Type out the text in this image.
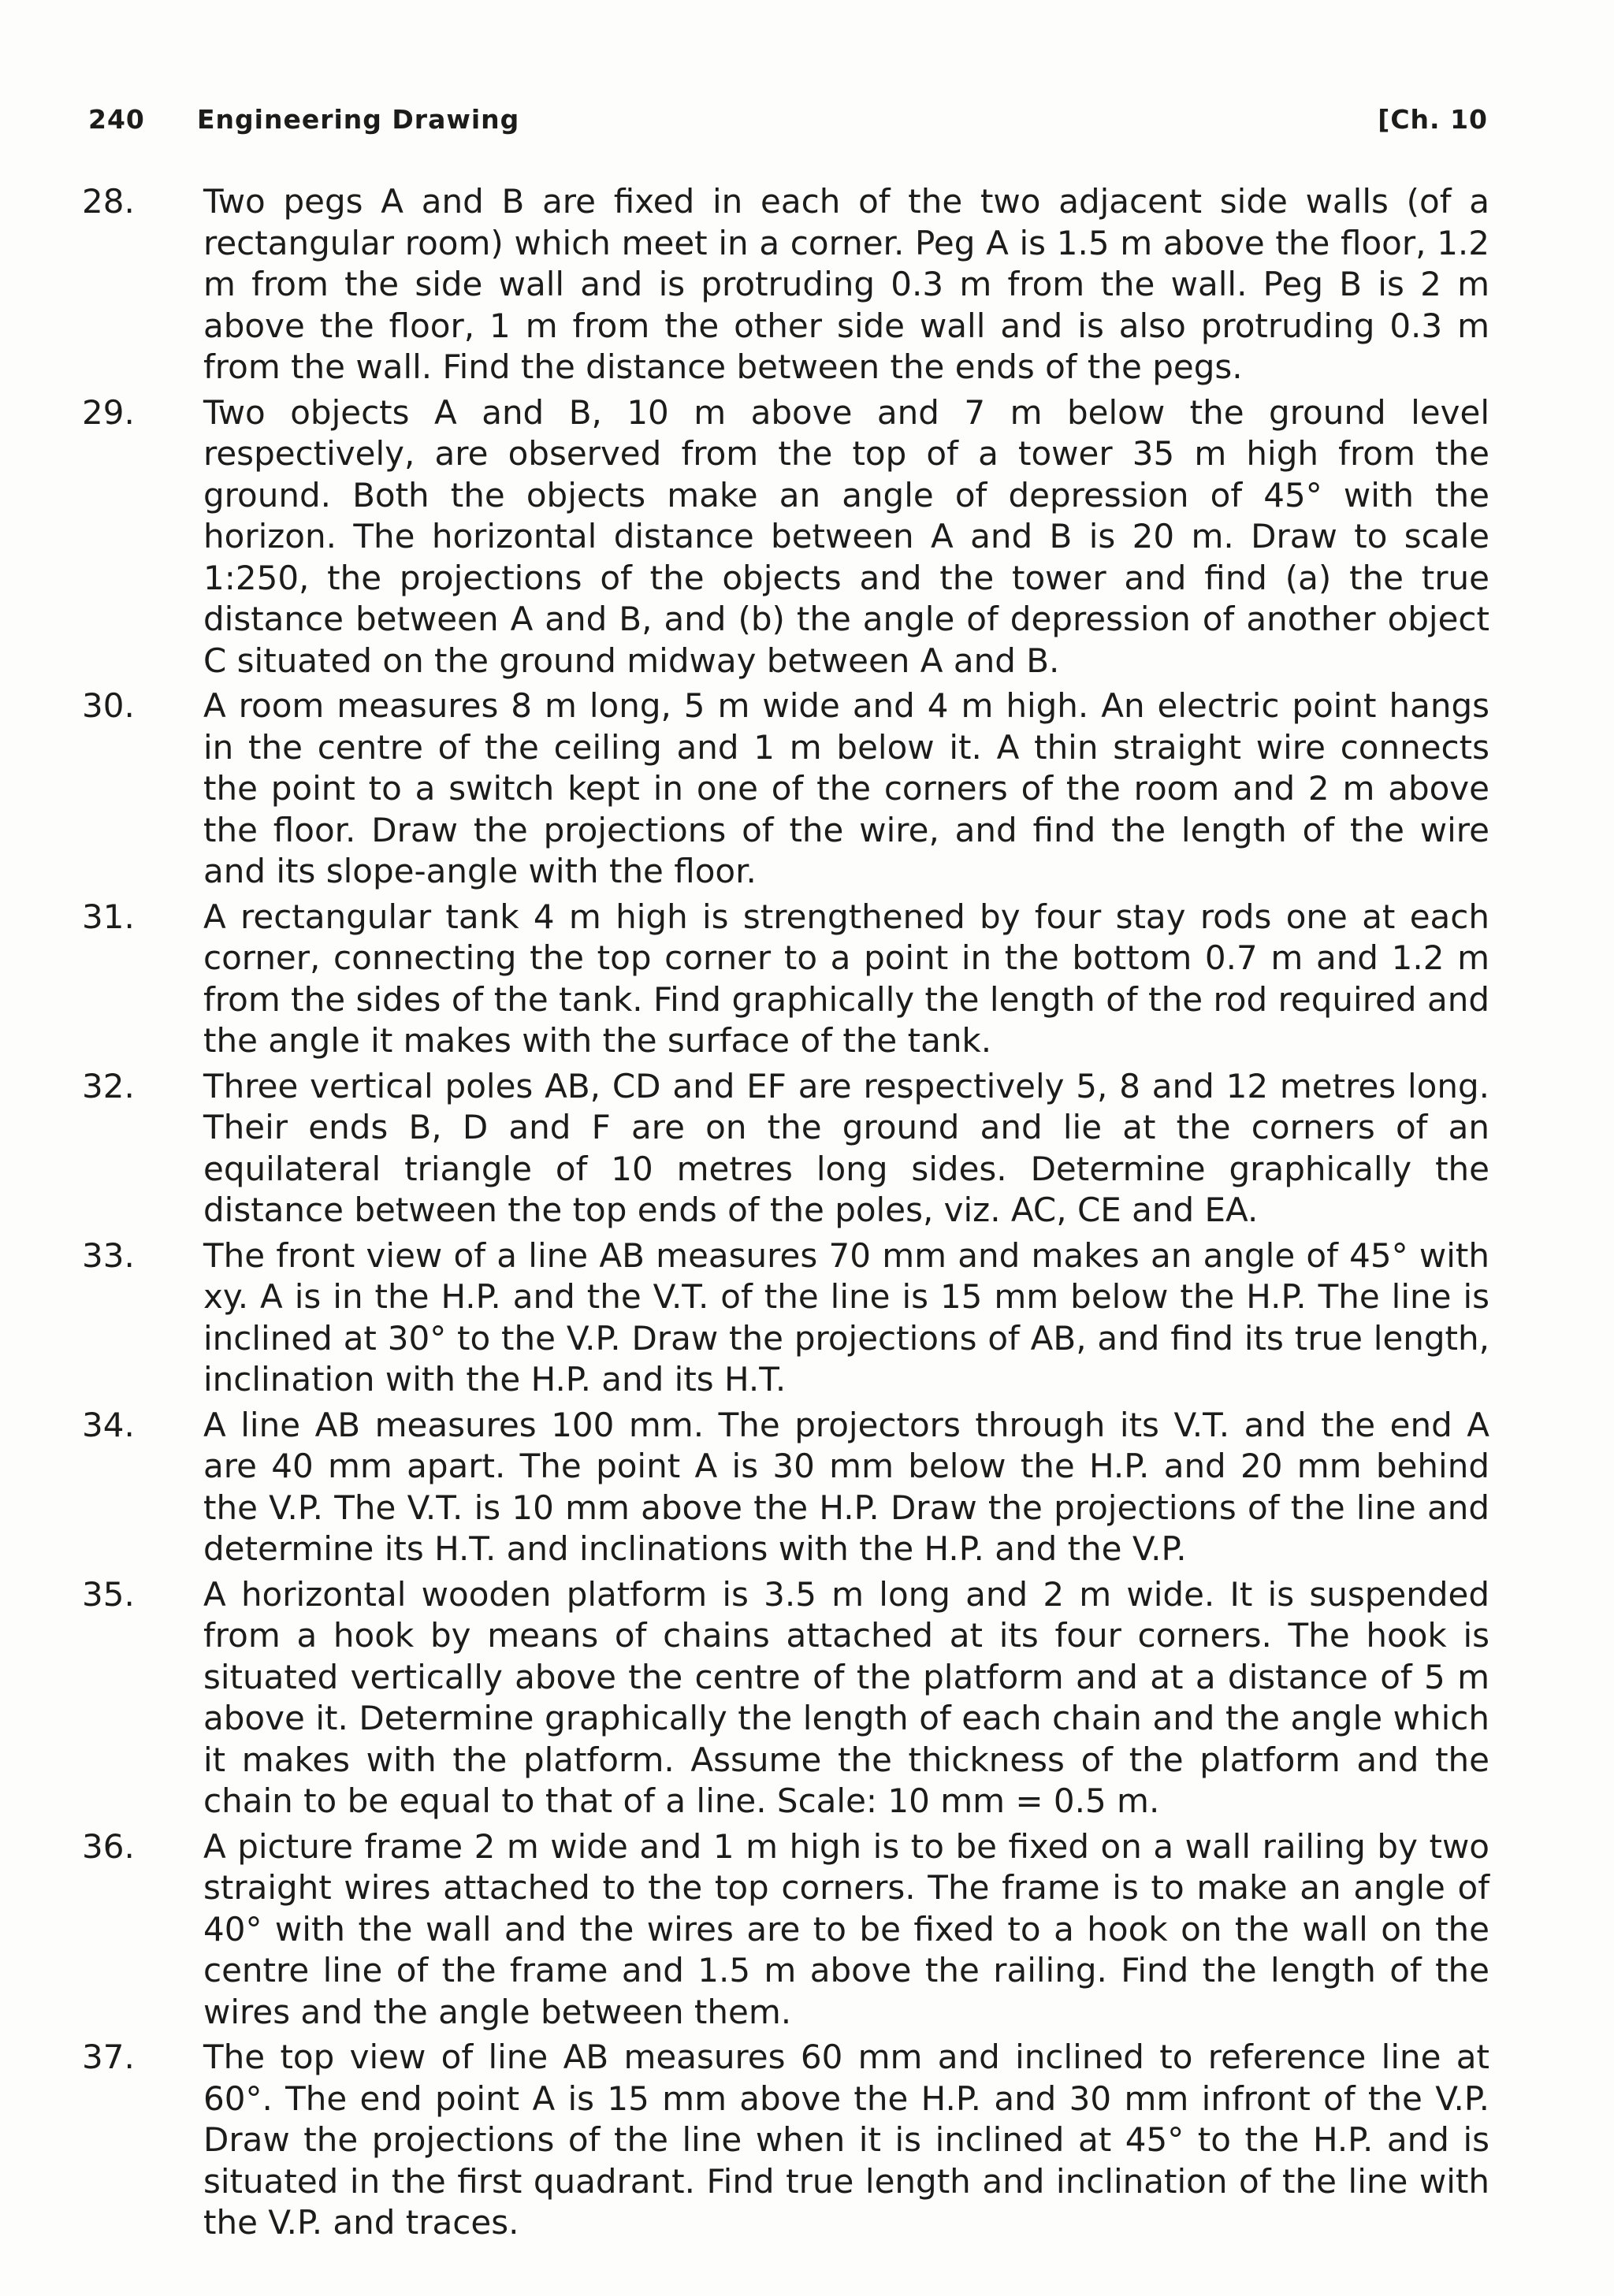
240 Engineering Drawing	[Ch. 10
28. Two pegs A and B are fixed in each of the two adjacent side walls (of a rectangular room) which meet in a corner. Peg A is 1.5 m above the floor, 1.2 m from the side wall and is protruding 0.3 m from the wall. Peg B is 2 m above the floor, 1 m from the other side wall and is also protruding 0.3 m from the wall. Find the distance between the ends of the pegs.
29. Two objects A and B, 10 m above and 7 m below the ground level respectively, are observed from the top of a tower 35 m high from the ground. Both the objects make an angle of depression of 45° with the horizon. The horizontal distance between A and B is 20 m. Draw to scale 1:250, the projections of the objects and the tower and find (a) the true distance between A and B, and (b) the angle of depression of another object C situated on the ground midway between A and B.
30. A room measures 8 m long, 5 m wide and 4 m high. An electric point hangs in the centre of the ceiling and 1 m below it. A thin straight wire connects the point to a switch kept in one of the corners of the room and 2 m above the floor. Draw the projections of the wire, and find the length of the wire and its slope-angle with the floor.
31. A rectangular tank 4 m high is strengthened by four stay rods one at each corner, connecting the top corner to a point in the bottom 0.7 m and 1.2 m from the sides of the tank. Find graphically the length of the rod required and the angle it makes with the surface of the tank.
32. Three vertical poles AB, CD and EF are respectively 5, 8 and 12 metres long. Their ends B, D and F are on the ground and lie at the corners of an equilateral triangle of 10 metres long sides. Determine graphically the distance between the top ends of the poles, viz. AC, CE and EA.
33. The front view of a line AB measures 70 mm and makes an angle of 45° with xy. A is in the H.P. and the V.T. of the line is 15 mm below the H.P. The line is inclined at 30° to the V.P. Draw the projections of AB, and find its true length, inclination with the H.P. and its H.T.
34. A line AB measures 100 mm. The projectors through its V.T. and the end A are 40 mm apart. The point A is 30 mm below the H.P. and 20 mm behind the V.P. The V.T. is 10 mm above the H.P. Draw the projections of the line and determine its H.T. and inclinations with the H.P. and the V.P.
35. A horizontal wooden platform is 3.5 m long and 2 m wide. It is suspended from a hook by means of chains attached at its four corners. The hook is situated vertically above the centre of the platform and at a distance of 5 m above it. Determine graphically the length of each chain and the angle which it makes with the platform. Assume the thickness of the platform and the chain to be equal to that of a line. Scale: 10 mm = 0.5 m.
36. A picture frame 2 m wide and 1 m high is to be fixed on a wall railing by two straight wires attached to the top corners. The frame is to make an angle of 40° with the wall and the wires are to be fixed to a hook on the wall on the centre line of the frame and 1.5 m above the railing. Find the length of the wires and the angle between them.
37. The top view of line AB measures 60 mm and inclined to reference line at 60°. The end point A is 15 mm above the H.P. and 30 mm infront of the V.P. Draw the projections of the line when it is inclined at 45° to the H.P. and is situated in the first quadrant. Find true length and inclination of the line with the V.P. and traces.
